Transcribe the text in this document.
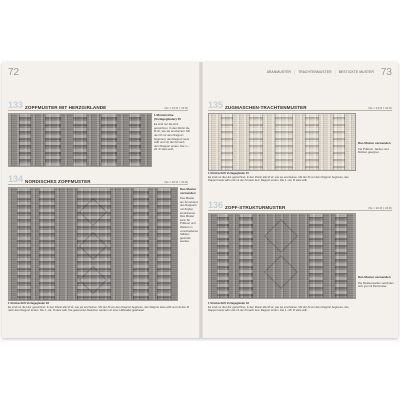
72	73
ARANMUSTER | TRACHTENMUSTER | BESTICKTE MUSTER
133 ZOPFMUSTER MIT HERZGIRLANDE	(Ss = 24 M × 32 R)

1 Musterreihe (Vorlageglieder) 15

Es sind nur die Hinr gezeichnet. In den Rückr die M str, wie sie erscheinen. Mit den M vor dem Rapport beginnen, den Rapport stets wdh und mit den M nach dem Rapport enden. Die 1.–24. R stets wdh.

134 NORDISCHES ZOPFMUSTER	(Ss = 26 M × 30 R)

Das Muster verwenden

Das Muster am Ärmelrand des Rapports mit Zöpfen kombinieren. Das Muster kann für Pullover und Westen in verschiedenen Stärken gestrickt werden.

1 Strickschrift Vorlageglieder 18

Es sind nur die Hinr gezeichnet. In den Rückr alle M str, wie sie erscheinen. Mit den M vor dem Rapport beginnen, den Rapport stets wdh und mit den M nach dem Rapport enden. Die 1.–24. R stets wdh. Die gekreuzten Maschen werden mit einer Hilfsnadel gearbeitet.

135 ZUGMASCHEN-TRACHTENMUSTER	(Ss = 24 M × 32 R)

Das Muster verwenden

Für Pullover, Jacken und Mützen geeignet.

1 Strickschrift Vorlageglieder 15

Es sind nur die Hinr gezeichnet. In den Rückr alle M str, wie sie erscheinen. Mit den M vor dem Rapport beginnen, den Rapport stets wdh und mit den M nach dem Rapport enden. Die 1.–24. R stets wdh.

136 ZOPF-STRUKTURMUSTER	(Ss = 26 M × 34 R)

Das Muster verwenden

Die Musterstreifen verbinden sich gut mit Perlmuster.

1 Strickschrift Vorlageglieder 18

Es sind nur die Hinr gezeichnet. In den Rückr alle M str, wie sie erscheinen. Mit den M vor dem Rapport beginnen, den Rapport stets wdh und mit den M nach dem Rapport enden. Die 1.–28. R stets wdh.
